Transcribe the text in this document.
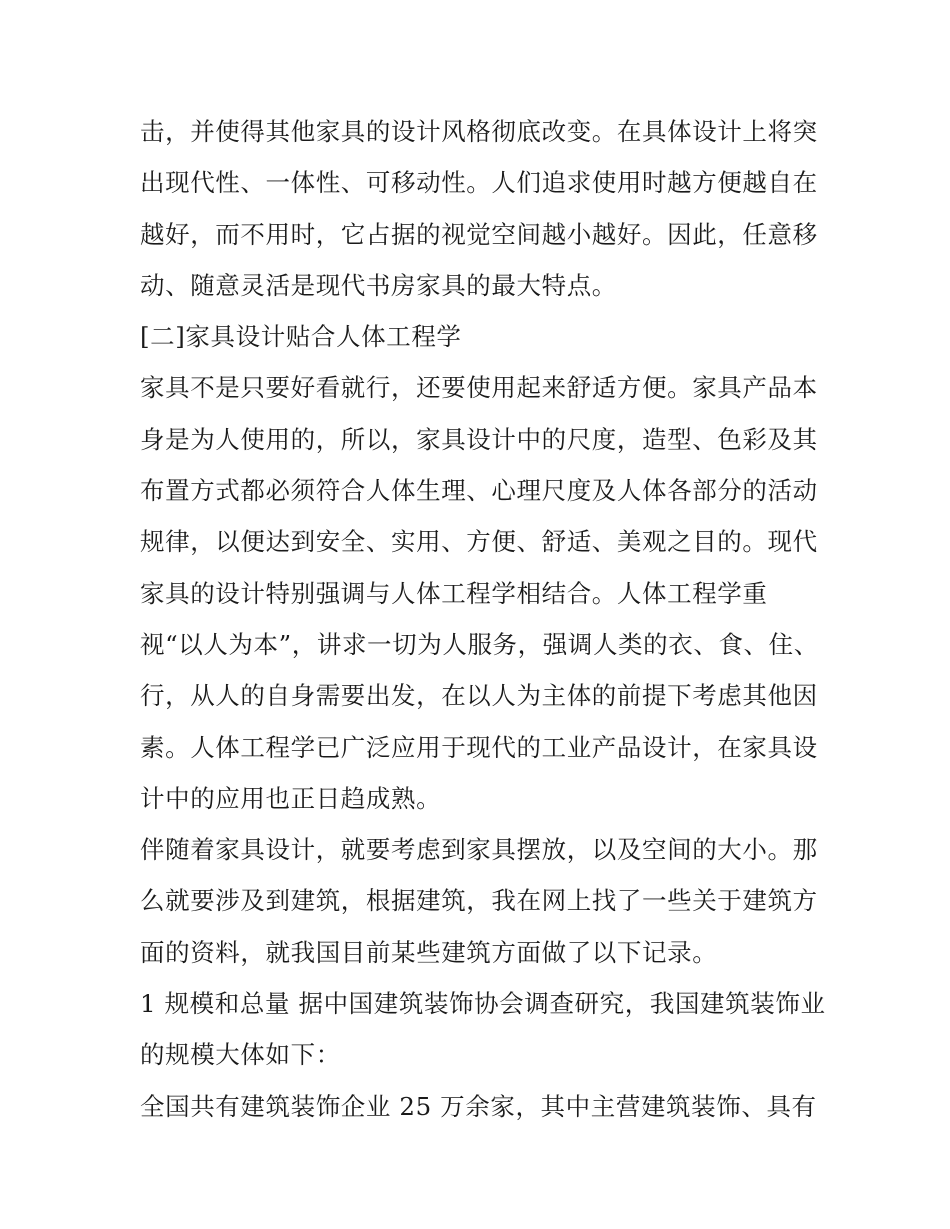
击，并使得其他家具的设计风格彻底改变。在具体设计上将突
出现代性、一体性、可移动性。人们追求使用时越方便越自在
越好，而不用时，它占据的视觉空间越小越好。因此，任意移
动、随意灵活是现代书房家具的最大特点。
[二]家具设计贴合人体工程学
家具不是只要好看就行，还要使用起来舒适方便。家具产品本
身是为人使用的，所以，家具设计中的尺度，造型、色彩及其
布置方式都必须符合人体生理、心理尺度及人体各部分的活动
规律，以便达到安全、实用、方便、舒适、美观之目的。现代
家具的设计特别强调与人体工程学相结合。人体工程学重
视“以人为本”，讲求一切为人服务，强调人类的衣、食、住、
行，从人的自身需要出发，在以人为主体的前提下考虑其他因
素。人体工程学已广泛应用于现代的工业产品设计，在家具设
计中的应用也正日趋成熟。
伴随着家具设计，就要考虑到家具摆放，以及空间的大小。那
么就要涉及到建筑，根据建筑，我在网上找了一些关于建筑方
面的资料，就我国目前某些建筑方面做了以下记录。
1 规模和总量 据中国建筑装饰协会调查研究，我国建筑装饰业
的规模大体如下：
全国共有建筑装饰企业 25 万余家，其中主营建筑装饰、具有
